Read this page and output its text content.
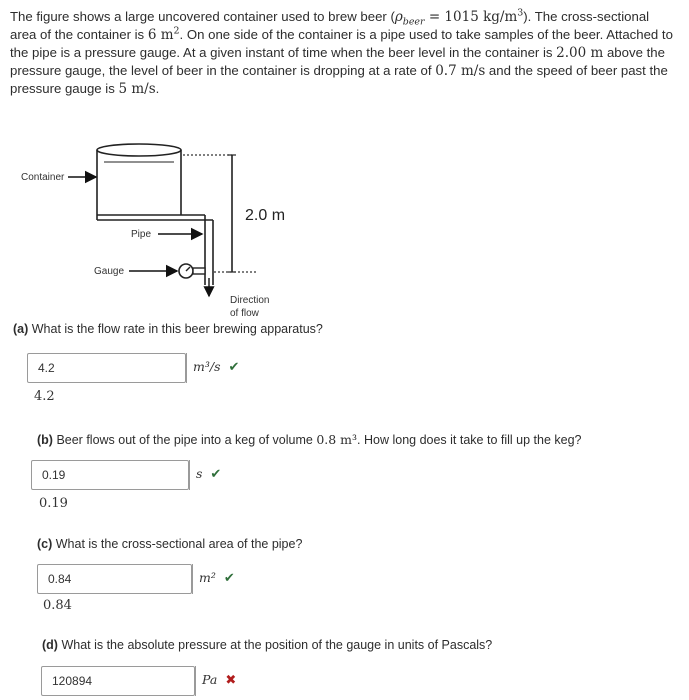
The figure shows a large uncovered container used to brew beer ($\rho_{beer} = 1015$ $kg/m^3$). The cross-sectional area of the container is 6 $m^2$. On one side of the container is a pipe used to take samples of the beer. Attached to the pipe is a pressure gauge. At a given instant of time when the beer level in the container is 2.00 m above the pressure gauge, the level of beer in the container is dropping at a rate of 0.7 m/s and the speed of beer past the pressure gauge is 5 m/s.
Container
Pipe
Gauge
2.0 m
Direction
of flow
(a) What is the flow rate in this beer brewing apparatus?
4.2	m³/s ✔
4.2
(b) Beer flows out of the pipe into a keg of volume 0.8 m³. How long does it take to fill up the keg?
0.19	s ✔
0.19
(c) What is the cross-sectional area of the pipe?
0.84	m² ✔
0.84
(d) What is the absolute pressure at the position of the gauge in units of Pascals?
120894	Pa ✖
